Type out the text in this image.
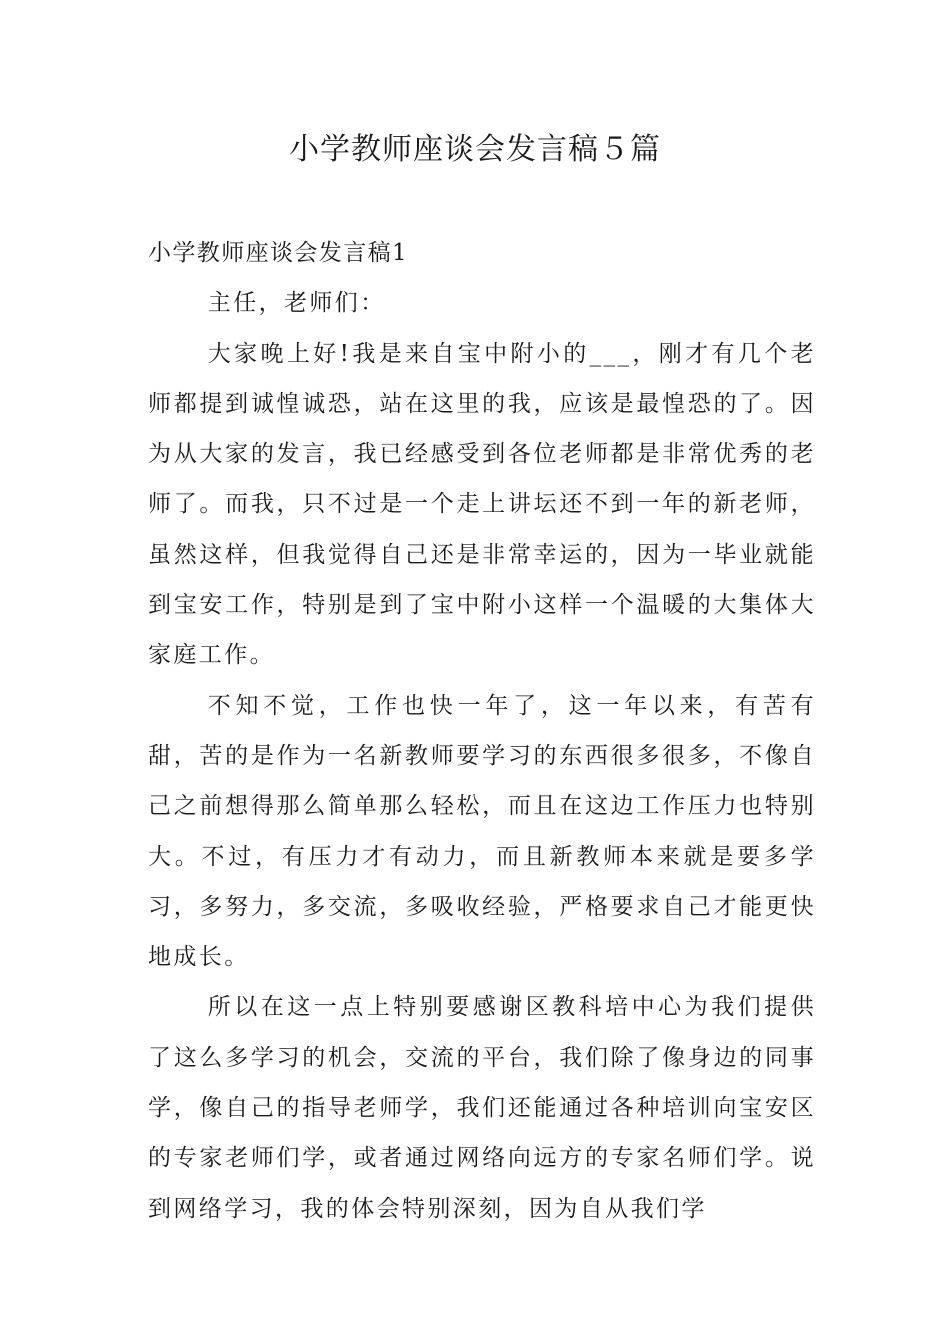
小学教师座谈会发言稿５篇

小学教师座谈会发言稿1

主任，老师们：

大家晚上好!我是来自宝中附小的___，刚才有几个老师都提到诚惶诚恐，站在这里的我，应该是最惶恐的了。因为从大家的发言，我已经感受到各位老师都是非常优秀的老师了。而我，只不过是一个走上讲坛还不到一年的新老师，虽然这样，但我觉得自己还是非常幸运的，因为一毕业就能到宝安工作，特别是到了宝中附小这样一个温暖的大集体大家庭工作。

不知不觉，工作也快一年了，这一年以来，有苦有甜，苦的是作为一名新教师要学习的东西很多很多，不像自己之前想得那么简单那么轻松，而且在这边工作压力也特别大。不过，有压力才有动力，而且新教师本来就是要多学习，多努力，多交流，多吸收经验，严格要求自己才能更快地成长。

所以在这一点上特别要感谢区教科培中心为我们提供了这么多学习的机会，交流的平台，我们除了像身边的同事学，像自己的指导老师学，我们还能通过各种培训向宝安区的专家老师们学，或者通过网络向远方的专家名师们学。说到网络学习，我的体会特别深刻，因为自从我们学
